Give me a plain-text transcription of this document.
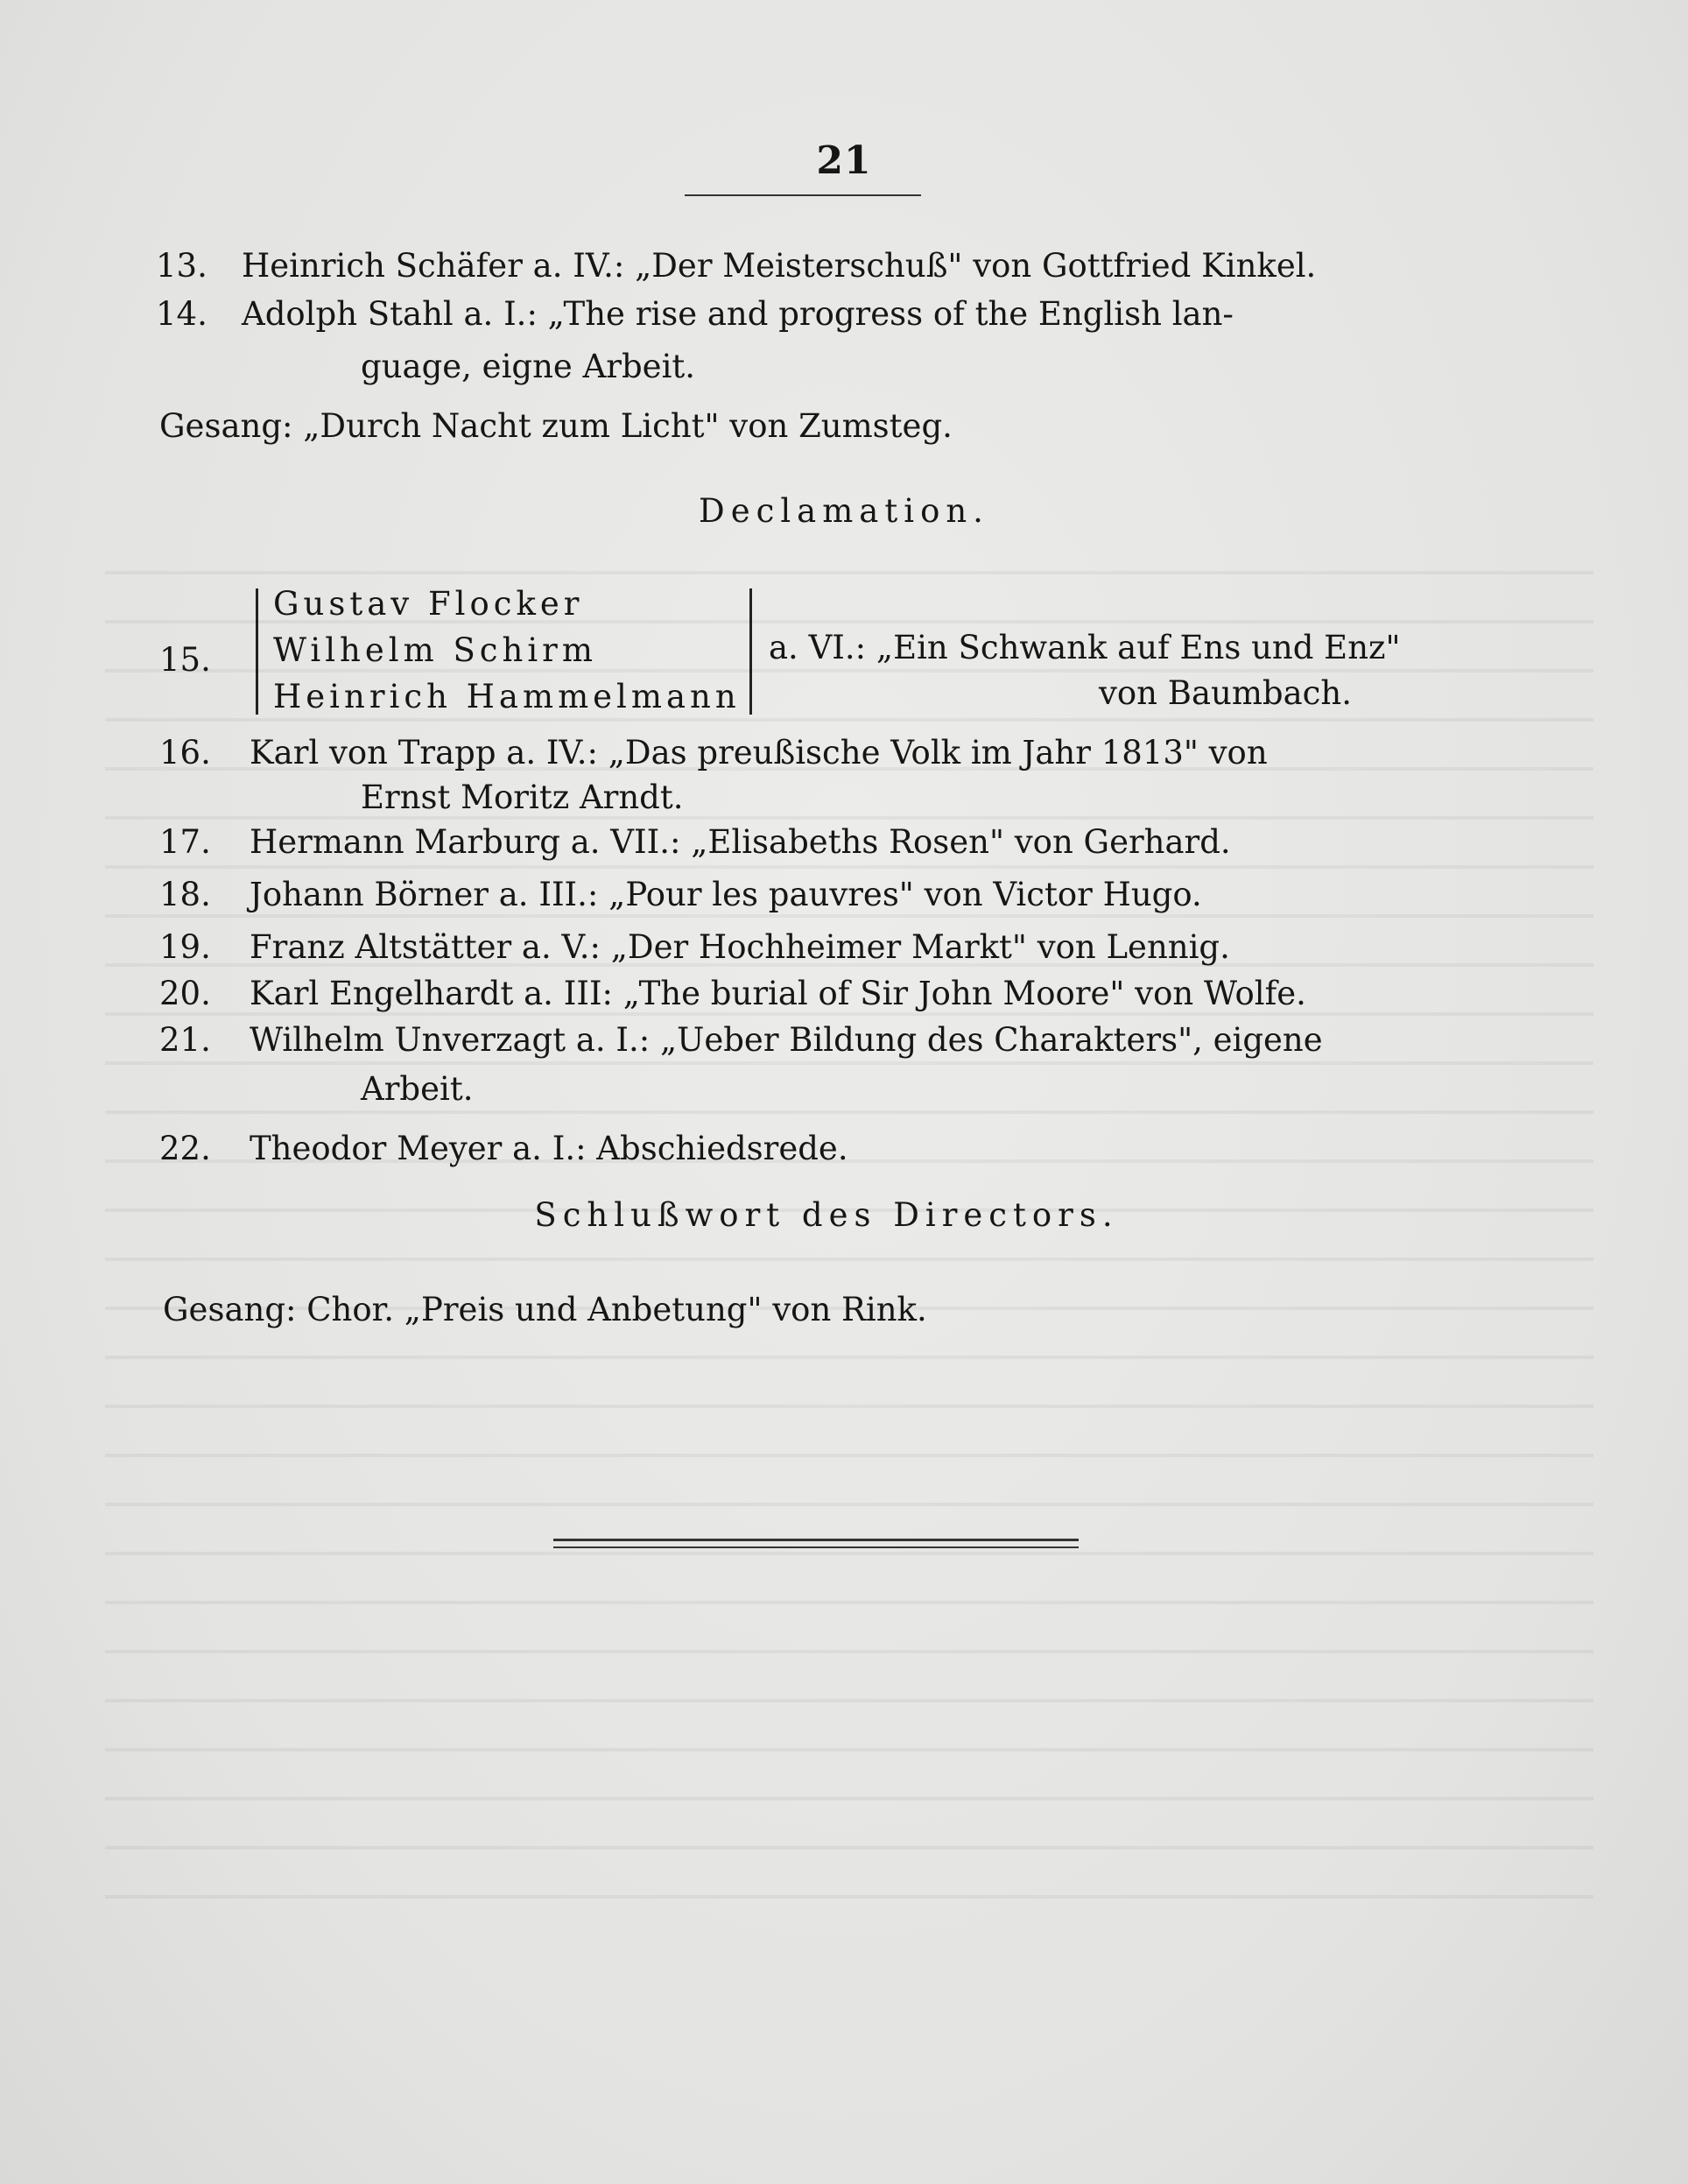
21
13. Heinrich Schäfer a. IV.: „Der Meisterschuß" von Gottfried Kinkel.
14. Adolph Stahl a. I.: „The rise and progress of the English lan-
guage, eigne Arbeit.
Gesang: „Durch Nacht zum Licht" von Zumsteg.
Declamation.
15.
Gustav Flocker
Wilhelm Schirm
Heinrich Hammelmann
a. VI.: „Ein Schwank auf Ens und Enz"
von Baumbach.
16. Karl von Trapp a. IV.: „Das preußische Volk im Jahr 1813" von
Ernst Moritz Arndt.
17. Hermann Marburg a. VII.: „Elisabeths Rosen" von Gerhard.
18. Johann Börner a. III.: „Pour les pauvres" von Victor Hugo.
19. Franz Altstätter a. V.: „Der Hochheimer Markt" von Lennig.
20. Karl Engelhardt a. III: „The burial of Sir John Moore" von Wolfe.
21. Wilhelm Unverzagt a. I.: „Ueber Bildung des Charakters", eigene
Arbeit.
22. Theodor Meyer a. I.: Abschiedsrede.
Schlußwort des Directors.
Gesang: Chor. „Preis und Anbetung" von Rink.
